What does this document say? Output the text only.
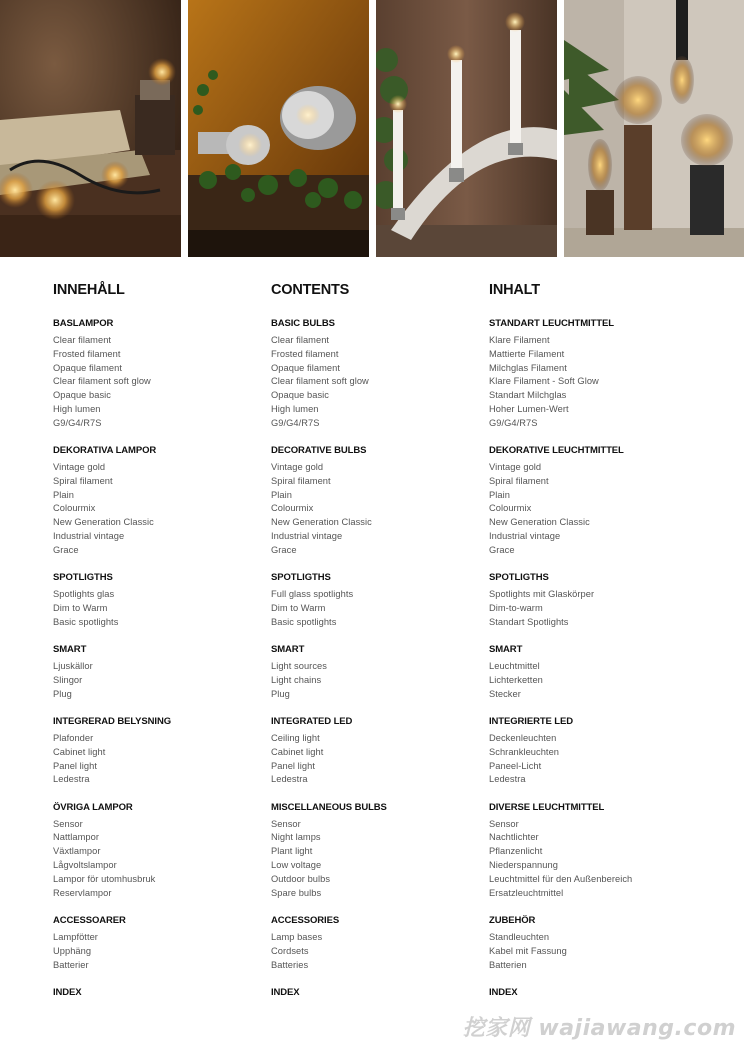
INNEHÅLL
BASLAMPOR
Clear filament
Frosted filament
Opaque filament
Clear filament soft glow
Opaque basic
High lumen
G9/G4/R7S
DEKORATIVA LAMPOR
Vintage gold
Spiral filament
Plain
Colourmix
New Generation Classic
Industrial vintage
Grace
SPOTLIGTHS
Spotlights glas
Dim to Warm
Basic spotlights
SMART
Ljuskällor
Slingor
Plug
INTEGRERAD BELYSNING
Plafonder
Cabinet light
Panel light
Ledestra
ÖVRIGA LAMPOR
Sensor
Nattlampor
Växtlampor
Lågvoltslampor
Lampor för utomhusbruk
Reservlampor
ACCESSOARER
Lampfötter
Upphäng
Batterier
INDEX
CONTENTS
BASIC BULBS
Clear filament
Frosted filament
Opaque filament
Clear filament soft glow
Opaque basic
High lumen
G9/G4/R7S
DECORATIVE BULBS
Vintage gold
Spiral filament
Plain
Colourmix
New Generation Classic
Industrial vintage
Grace
SPOTLIGTHS
Full glass spotlights
Dim to Warm
Basic spotlights
SMART
Light sources
Light chains
Plug
INTEGRATED LED
Ceiling light
Cabinet light
Panel light
Ledestra
MISCELLANEOUS BULBS
Sensor
Night lamps
Plant light
Low voltage
Outdoor bulbs
Spare bulbs
ACCESSORIES
Lamp bases
Cordsets
Batteries
INDEX
INHALT
STANDART LEUCHTMITTEL
Klare Filament
Mattierte Filament
Milchglas Filament
Klare Filament - Soft Glow
Standart Milchglas
Hoher Lumen-Wert
G9/G4/R7S
DEKORATIVE LEUCHTMITTEL
Vintage gold
Spiral filament
Plain
Colourmix
New Generation Classic
Industrial vintage
Grace
SPOTLIGTHS
Spotlights mit Glaskörper
Dim-to-warm
Standart Spotlights
SMART
Leuchtmittel
Lichterketten
Stecker
INTEGRIERTE LED
Deckenleuchten
Schrankleuchten
Paneel-Licht
Ledestra
DIVERSE LEUCHTMITTEL
Sensor
Nachtlichter
Pflanzenlicht
Niederspannung
Leuchtmittel für den Außenbereich
Ersatzleuchtmittel
ZUBEHÖR
Standleuchten
Kabel mit Fassung
Batterien
INDEX
挖家网 wajiawang.com
